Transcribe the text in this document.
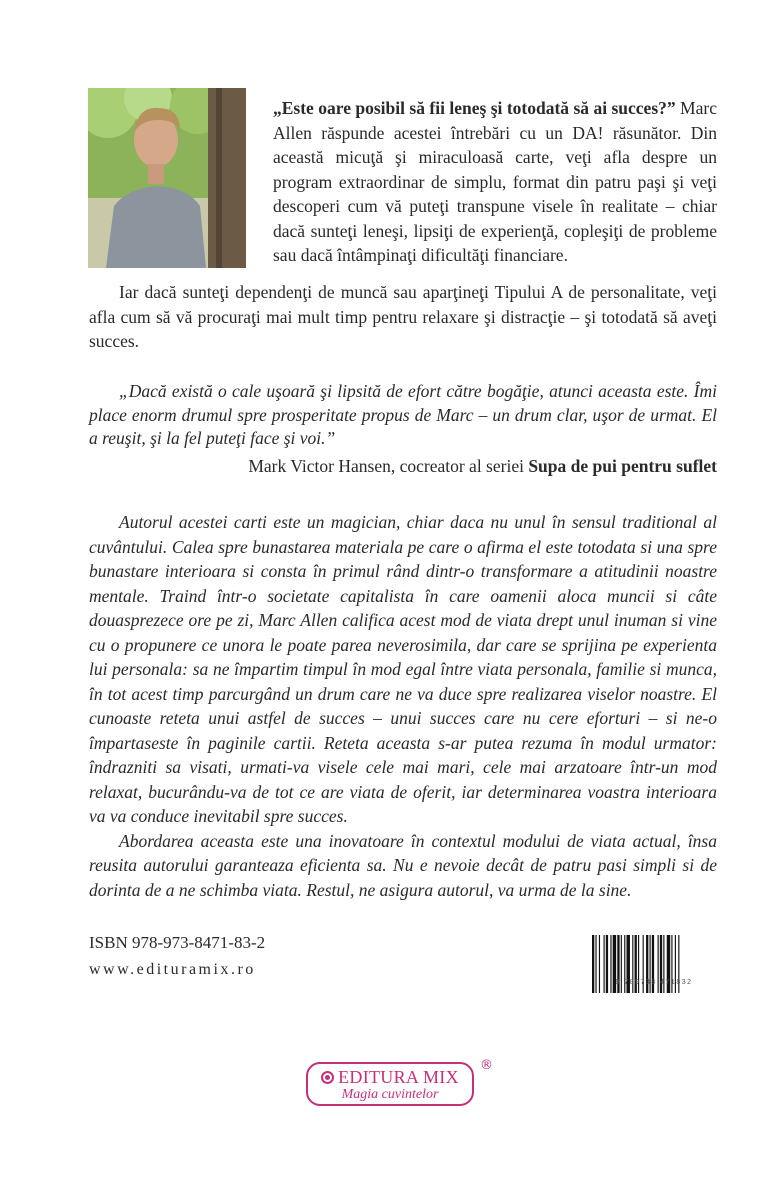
„Este oare posibil să fii leneş şi totodată să ai succes?” Marc Allen răspunde acestei întrebări cu un DA! răsunător. Din această micuţă şi miraculoasă carte, veţi afla despre un program extraordinar de simplu, format din patru paşi şi veţi descoperi cum vă puteţi transpune visele în realitate – chiar dacă sunteţi leneşi, lipsiţi de experienţă, copleşiţi de probleme sau dacă întâmpinaţi dificultăţi financiare.

Iar dacă sunteţi dependenţi de muncă sau aparţineţi Tipului A de personalitate, veţi afla cum să vă procuraţi mai mult timp pentru relaxare şi distracţie – şi totodată să aveţi succes.

„Dacă există o cale uşoară şi lipsită de efort către bogăţie, atunci aceasta este. Îmi place enorm drumul spre prosperitate propus de Marc – un drum clar, uşor de urmat. El a reuşit, şi la fel puteţi face şi voi.”

Mark Victor Hansen, cocreator al seriei Supa de pui pentru suflet

Autorul acestei carti este un magician, chiar daca nu unul în sensul traditional al cuvântului. Calea spre bunastarea materiala pe care o afirma el este totodata si una spre bunastare interioara si consta în primul rând dintr-o transformare a atitudinii noastre mentale. Traind într-o societate capitalista în care oamenii aloca muncii si câte douasprezece ore pe zi, Marc Allen califica acest mod de viata drept unul inuman si vine cu o propunere ce unora le poate parea neverosimila, dar care se sprijina pe experienta lui personala: sa ne împartim timpul în mod egal între viata personala, familie si munca, în tot acest timp parcurgând un drum care ne va duce spre realizarea viselor noastre. El cunoaste reteta unui astfel de succes – unui succes care nu cere eforturi – si ne-o împartaseste în paginile cartii. Reteta aceasta s-ar putea rezuma în modul urmator: îndrazniti sa visati, urmati-va visele cele mai mari, cele mai arzatoare într-un mod relaxat, bucurându-va de tot ce are viata de oferit, iar determinarea voastra interioara va va conduce inevitabil spre succes.

Abordarea aceasta este una inovatoare în contextul modului de viata actual, însa reusita autorului garanteaza eficienta sa. Nu e nevoie decât de patru pasi simpli si de dorinta de a ne schimba viata. Restul, ne asigura autorul, va urma de la sine.

ISBN 978-973-8471-83-2

www.edituramix.ro

9 789738 471832
EDITURA MIX
Magia cuvintelor
®
